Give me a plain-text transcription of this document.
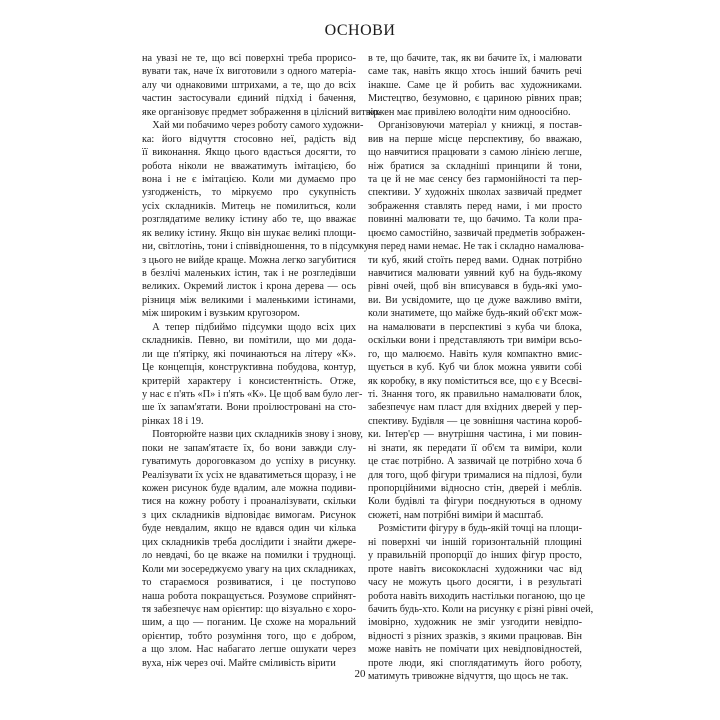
ОСНОВИ
на увазі не те, що всі поверхні треба прорисо-
вувати так, наче їх виготовили з одного матеріа-
алу чи однаковими штрихами, а те, що до всіх
частин застосували єдиний підхід і бачення,
яке організовує предмет зображення в цілісний витвір.
 Хай ми побачимо через роботу самого художни-
ка: його відчуття стосовно неї, радість від
її виконання. Якщо цього вдасться досягти, то
робота ніколи не вважатимуть імітацією, бо
вона і не є імітацією. Коли ми думаємо про
узгодженість, то міркуємо про сукупність
усіх складників. Митець не помилиться, коли
розглядатиме велику істину або те, що вважає
як велику істину. Якщо він шукає великі площи-
ни, світлотінь, тони і співвідношення, то в підсумку
з цього не вийде краще. Можна легко загубитися
в безлічі маленьких істин, так і не розгледівши
великих. Окремий листок і крона дерева — ось
різниця між великими і маленькими істинами,
між широким і вузьким кругозором.
 А тепер підбиймо підсумки щодо всіх цих
складників. Певно, ви помітили, що ми дода-
ли ще п'ятірку, які починаються на літеру «К».
Це концепція, конструктивна побудова, контур,
критерій характеру і консистентність. Отже,
у нас є п'ять «П» і п'ять «К». Це щоб вам було лег-
ше їх запам'ятати. Вони проілюстровані на сто-
рінках 18 і 19.
 Повторюйте назви цих складників знову і знову,
поки не запам'ятаєте їх, бо вони завжди слу-
гуватимуть дороговказом до успіху в рисунку.
Реалізувати їх усіх не вдаватиметься щоразу, і не
кожен рисунок буде вдалим, але можна подиви-
тися на кожну роботу і проаналізувати, скільки
з цих складників відповідає вимогам. Рисунок
буде невдалим, якщо не вдався один чи кілька
цих складників треба дослідити і знайти джере-
ло невдачі, бо це вкаже на помилки і труднощі.
Коли ми зосереджуємо увагу на цих складниках,
то стараємося розвиватися, і це поступово
наша робота покращується. Розумове сприйнят-
тя забезпечує нам орієнтир: що візуально є хоро-
шим, а що — поганим. Це схоже на моральний
орієнтир, тобто розуміння того, що є добром,
а що злом. Нас набагато легше ошукати через
вуха, ніж через очі. Майте сміливість вірити
в те, що бачите, так, як ви бачите їх, і малювати
саме так, навіть якщо хтось інший бачить речі
інакше. Саме це й робить вас художниками.
Мистецтво, безумовно, є цариною рівних прав;
кожен має привілею володіти ним одноосібно.
 Організовуючи матеріал у книжці, я постав-
вив на перше місце перспективу, бо вважаю,
що навчитися працювати з самою лінією легше,
ніж братися за складніші принципи й тони,
та це й не має сенсу без гармонійності та пер-
спективи. У художніх школах зазвичай предмет
зображення ставлять перед нами, і ми просто
повинні малювати те, що бачимо. Та коли пра-
цюємо самостійно, зазвичай предметів зображен-
ня перед нами немає. Не так і складно намалюва-
ти куб, який стоїть перед вами. Однак потрібно
навчитися малювати уявний куб на будь-якому
рівні очей, щоб він вписувався в будь-які умо-
ви. Ви усвідомите, що це дуже важливо вміти,
коли знатимете, що майже будь-який об'єкт мож-
на намалювати в перспективі з куба чи блока,
оскільки вони і представляють три виміри всьо-
го, що малюємо. Навіть куля компактно вмис-
щується в куб. Куб чи блок можна уявити собі
як коробку, в яку поміститься все, що є у Всесві-
ті. Знання того, як правильно намалювати блок,
забезпечує нам пласт для вхідних дверей у пер-
спективу. Будівля — це зовнішня частина короб-
ки. Інтер'єр — внутрішня частина, і ми повин-
ні знати, як передати її об'єм та виміри, коли
це стає потрібно. А зазвичай це потрібно хоча б
для того, щоб фігури трималися на підлозі, були
пропорційними відносно стін, дверей і меблів.
Коли будівлі та фігури поєднуються в одному
сюжеті, нам потрібні виміри й масштаб.
 Розмістити фігуру в будь-якій точці на площи-
ні поверхні чи іншій горизонтальній площині
у правильній пропорції до інших фігур просто,
проте навіть висококласні художники час від
часу не можуть цього досягти, і в результаті
робота навіть виходить настільки поганою, що це
бачить будь-хто. Коли на рисунку є різні рівні очей,
імовірно, художник не зміг узгодити невідпо-
відності з різних зразків, з якими працював. Він
може навіть не помічати цих невідповідностей,
проте люди, які споглядатимуть його роботу,
матимуть тривожне відчуття, що щось не так.
20
